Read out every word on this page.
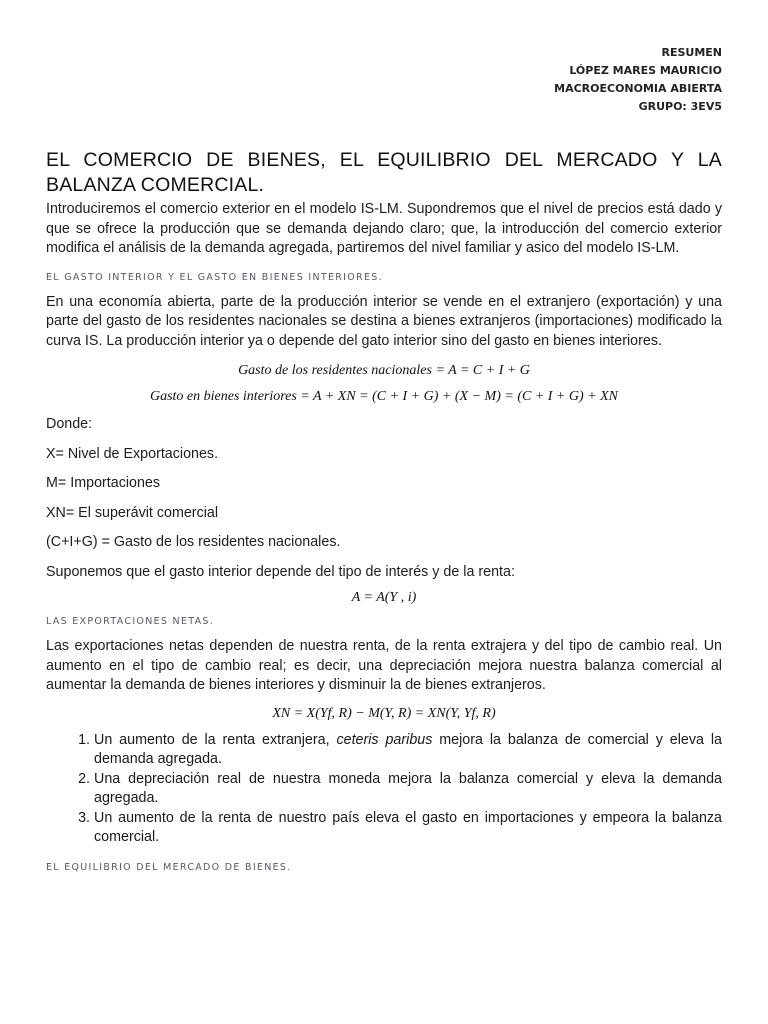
RESUMEN
LÓPEZ MARES MAURICIO
MACROECONOMIA ABIERTA
GRUPO: 3EV5
EL COMERCIO DE BIENES, EL EQUILIBRIO DEL MERCADO Y LA BALANZA COMERCIAL.

Introduciremos el comercio exterior en el modelo IS-LM. Supondremos que el nivel de precios está dado y que se ofrece la producción que se demanda dejando claro; que, la introducción del comercio exterior modifica el análisis de la demanda agregada, partiremos del nivel familiar y asico del modelo IS-LM.

EL GASTO INTERIOR Y EL GASTO EN BIENES INTERIORES.

En una economía abierta, parte de la producción interior se vende en el extranjero (exportación) y una parte del gasto de los residentes nacionales se destina a bienes extranjeros (importaciones) modificado la curva IS. La producción interior ya o depende del gato interior sino del gasto en bienes interiores.

Gasto de los residentes nacionales = A = C + I + G
Gasto en bienes interiores = A + XN = (C + I + G) + (X − M) = (C + I + G) + XN

Donde:

X= Nivel de Exportaciones.

M= Importaciones

XN= El superávit comercial

(C+I+G) = Gasto de los residentes nacionales.

Suponemos que el gasto interior depende del tipo de interés y de la renta:

A = A(Y , i)
LAS EXPORTACIONES NETAS.

Las exportaciones netas dependen de nuestra renta, de la renta extrajera y del tipo de cambio real. Un aumento en el tipo de cambio real; es decir, una depreciación mejora nuestra balanza comercial al aumentar la demanda de bienes interiores y disminuir la de bienes extranjeros.

XN = X(Yf, R) − M(Y, R) = XN(Y, Yf, R)
1. Un aumento de la renta extranjera, ceteris paribus mejora la balanza de comercial y eleva la demanda agregada.
2. Una depreciación real de nuestra moneda mejora la balanza comercial y eleva la demanda agregada.
3. Un aumento de la renta de nuestro país eleva el gasto en importaciones y empeora la balanza comercial.
EL EQUILIBRIO DEL MERCADO DE BIENES.
